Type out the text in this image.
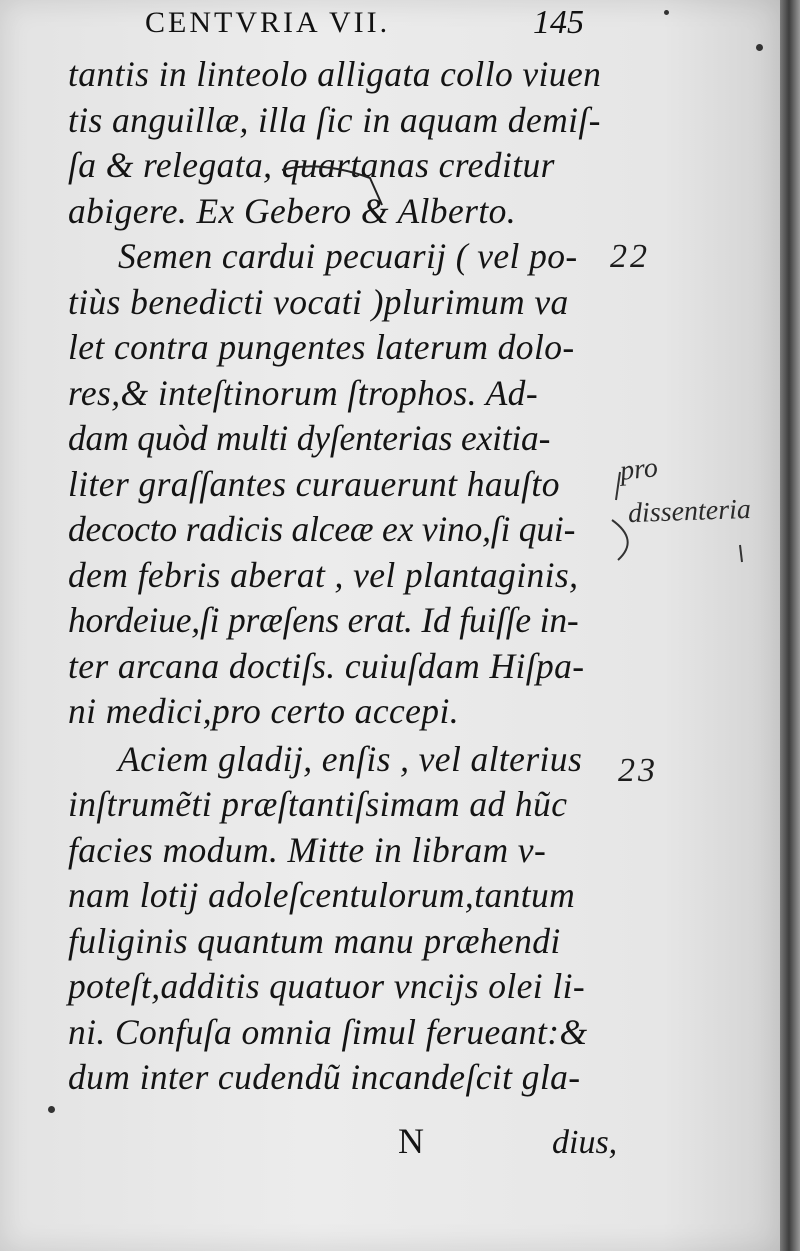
CENTVRIA VII.	145
tantis in linteolo alligata collo viuen
tis anguillæ, illa ſic in aquam demiſ-
ſa & relegata, quartanas creditur
abigere. Ex Gebero & Alberto.
Semen cardui pecuarij ( vel po-
tiùs benedicti vocati )plurimum va
let contra pungentes laterum dolo-
res,& inteſtinorum ſtrophos. Ad-
dam quòd multi dyſenterias exitia-
liter graſſantes curauerunt hauſto
decocto radicis alceæ ex vino,ſi qui-
dem febris aberat , vel plantaginis,
hordeiue,ſi præſens erat. Id fuiſſe in-
ter arcana doctiſs. cuiuſdam Hiſpa-
ni medici,pro certo accepi.
Aciem gladij, enſis , vel alterius
inſtrumẽti præſtantiſsimam ad hũc
facies modum. Mitte in libram v-
nam lotij adoleſcentulorum,tantum
fuliginis quantum manu præhendi
poteſt,additis quatuor vncijs olei li-
ni. Confuſa omnia ſimul ferueant:&
dum inter cudendũ incandeſcit gla-
22
23
pro
dissenteria
N	dius,
